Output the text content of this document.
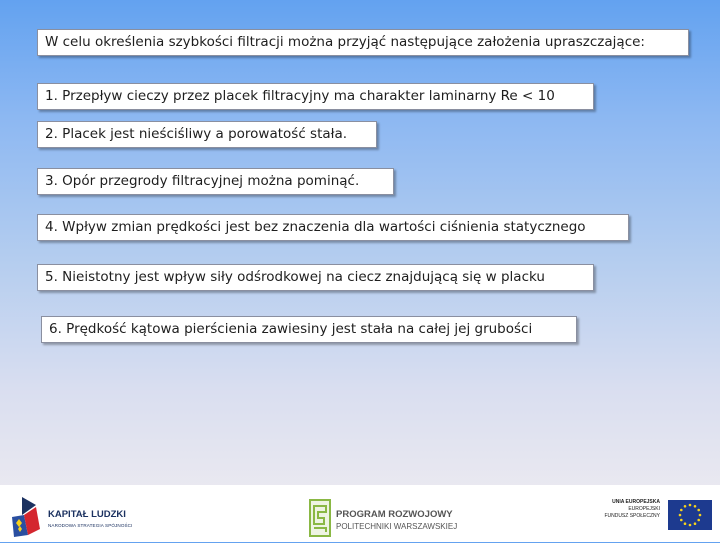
W celu określenia szybkości filtracji można przyjąć następujące założenia upraszczające:
1. Przepływ cieczy przez placek filtracyjny ma charakter laminarny Re < 10
2. Placek jest nieściśliwy a porowatość stała.
3. Opór przegrody filtracyjnej można pominąć.
4. Wpływ zmian prędkości jest bez znaczenia dla wartości ciśnienia statycznego
5. Nieistotny jest wpływ siły odśrodkowej na ciecz znajdującą się w placku
6. Prędkość kątowa pierścienia zawiesiny jest stała na całej jej grubości
KAPITAŁ LUDZKI
NARODOWA STRATEGIA SPÓJNOŚCI
PROGRAM ROZWOJOWY
POLITECHNIKI WARSZAWSKIEJ
UNIA EUROPEJSKA
EUROPEJSKI
FUNDUSZ SPOŁECZNY
